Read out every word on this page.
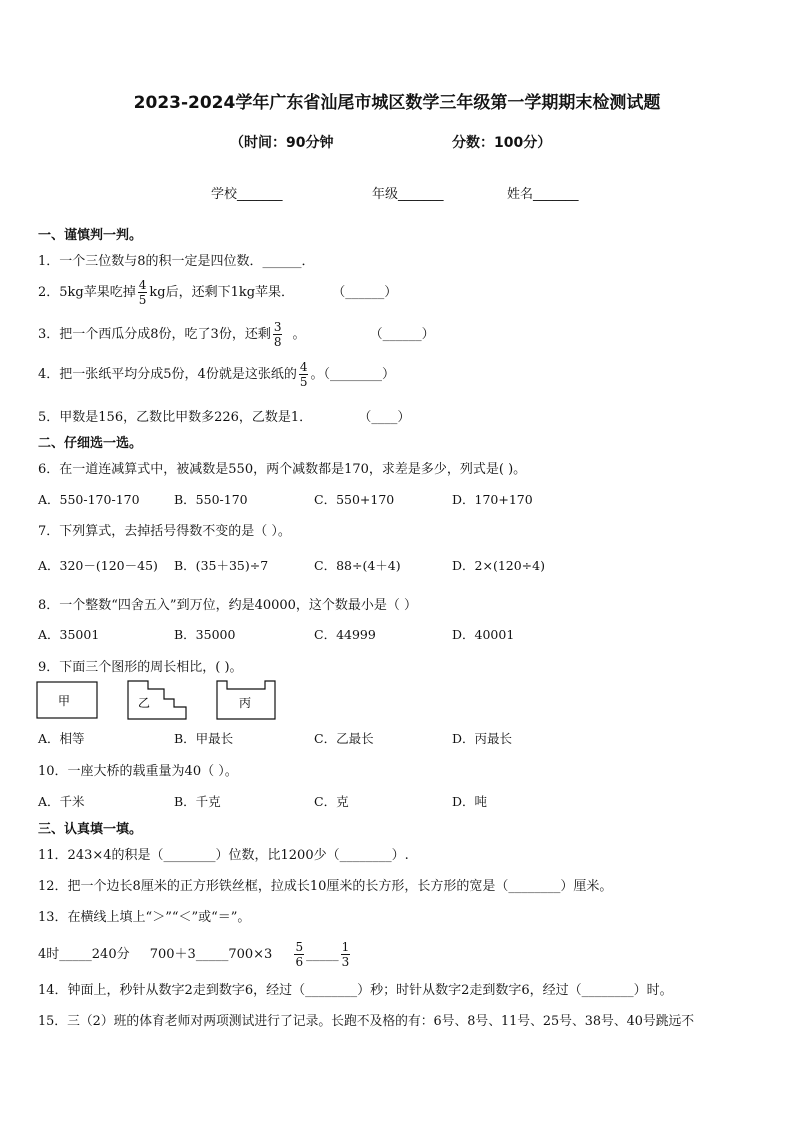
2023-2024学年广东省汕尾市城区数学三年级第一学期期末检测试题
（时间：90分钟	分数：100分）
学校_______	年级_______	姓名_______
一、谨慎判一判。
1．一个三位数与8的积一定是四位数．______．
2．5kg苹果吃掉 $\frac{4}{5}$ kg后，还剩下1kg苹果．	（______）
3．把一个西瓜分成8份，吃了3份，还剩 $\frac{3}{8}$ 。	（______）
4．把一张纸平均分成5份，4份就是这张纸的 $\frac{4}{5}$ 。（________）
5．甲数是156，乙数比甲数多226，乙数是1．	（____）
二、仔细选一选。
6．在一道连减算式中，被减数是550，两个减数都是170，求差是多少，列式是( )。
A．550-170-170	B．550-170	C．550+170	D．170+170
7．下列算式，去掉括号得数不变的是（ ）。
A．320－(120－45) B．(35＋35)÷7	C．88÷(4＋4)	D．2×(120÷4)
8．一个整数“四舍五入”到万位，约是40000，这个数最小是（ ）
A．35001	B．35000	C．44999	D．40001
9．下面三个图形的周长相比，( )。
甲	乙	丙
A．相等	B．甲最长	C．乙最长	D．丙最长
10．一座大桥的载重量为40（ ）。
A．千米	B．千克	C．克	D．吨
三、认真填一填。
11．243×4的积是（________）位数，比1200少（________）.
12．把一个边长8厘米的正方形铁丝框，拉成长10厘米的长方形，长方形的宽是（________）厘米。
13．在横线上填上“＞”“＜”或“＝”。
4时_____240分 700＋3_____700×3 $\frac{5}{6}$ _____ $\frac{1}{3}$
14．钟面上，秒针从数字2走到数字6，经过（________）秒；时针从数字2走到数字6，经过（________）时。
15．三（2）班的体育老师对两项测试进行了记录。长跑不及格的有：6号、8号、11号、25号、38号、40号跳远不
